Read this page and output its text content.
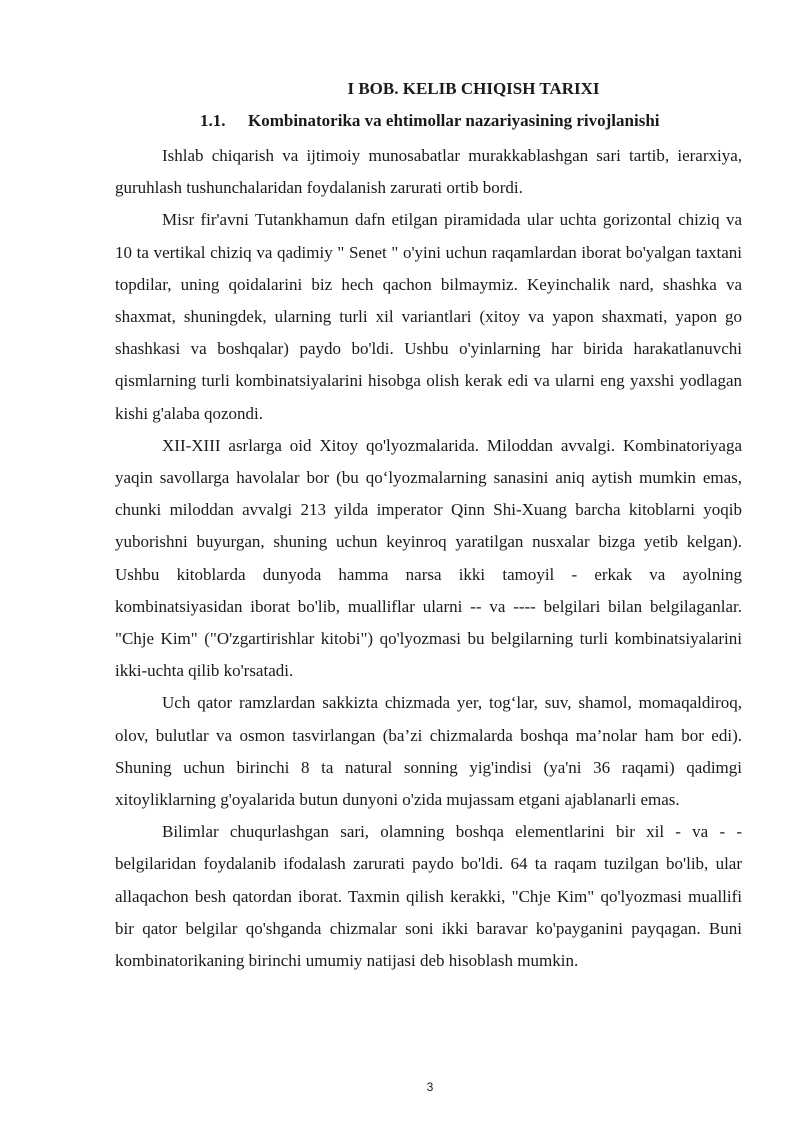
I BOB. KELIB CHIQISH TARIXI
1.1. Kombinatorika va ehtimollar nazariyasining rivojlanishi

Ishlab chiqarish va ijtimoiy munosabatlar murakkablashgan sari tartib, ierarxiya, guruhlash tushunchalaridan foydalanish zarurati ortib bordi.

Misr fir'avni Tutankhamun dafn etilgan piramidada ular uchta gorizontal chiziq va 10 ta vertikal chiziq va qadimiy " Senet " o'yini uchun raqamlardan iborat bo'yalgan taxtani topdilar, uning qoidalarini biz hech qachon bilmaymiz. Keyinchalik nard, shashka va shaxmat, shuningdek, ularning turli xil variantlari (xitoy va yapon shaxmati, yapon go shashkasi va boshqalar) paydo bo'ldi. Ushbu o'yinlarning har birida harakatlanuvchi qismlarning turli kombinatsiyalarini hisobga olish kerak edi va ularni eng yaxshi yodlagan kishi g'alaba qozondi.

XII-XIII asrlarga oid Xitoy qo'lyozmalarida. Miloddan avvalgi. Kombinatoriyaga yaqin savollarga havolalar bor (bu qo‘lyozmalarning sanasini aniq aytish mumkin emas, chunki miloddan avvalgi 213 yilda imperator Qinn Shi-Xuang barcha kitoblarni yoqib yuborishni buyurgan, shuning uchun keyinroq yaratilgan nusxalar bizga yetib kelgan). Ushbu kitoblarda dunyoda hamma narsa ikki tamoyil - erkak va ayolning kombinatsiyasidan iborat bo'lib, mualliflar ularni -- va ---- belgilari bilan belgilaganlar. "Chje Kim" ("O'zgartirishlar kitobi") qo'lyozmasi bu belgilarning turli kombinatsiyalarini ikki-uchta qilib ko'rsatadi.

Uch qator ramzlardan sakkizta chizmada yer, tog‘lar, suv, shamol, momaqaldiroq, olov, bulutlar va osmon tasvirlangan (ba’zi chizmalarda boshqa ma’nolar ham bor edi). Shuning uchun birinchi 8 ta natural sonning yig'indisi (ya'ni 36 raqami) qadimgi xitoyliklarning g'oyalarida butun dunyoni o'zida mujassam etgani ajablanarli emas.

Bilimlar chuqurlashgan sari, olamning boshqa elementlarini bir xil - va - - belgilaridan foydalanib ifodalash zarurati paydo bo'ldi. 64 ta raqam tuzilgan bo'lib, ular allaqachon besh qatordan iborat. Taxmin qilish kerakki, "Chje Kim" qo'lyozmasi muallifi bir qator belgilar qo'shganda chizmalar soni ikki baravar ko'payganini payqagan. Buni kombinatorikaning birinchi umumiy natijasi deb hisoblash mumkin.

3
